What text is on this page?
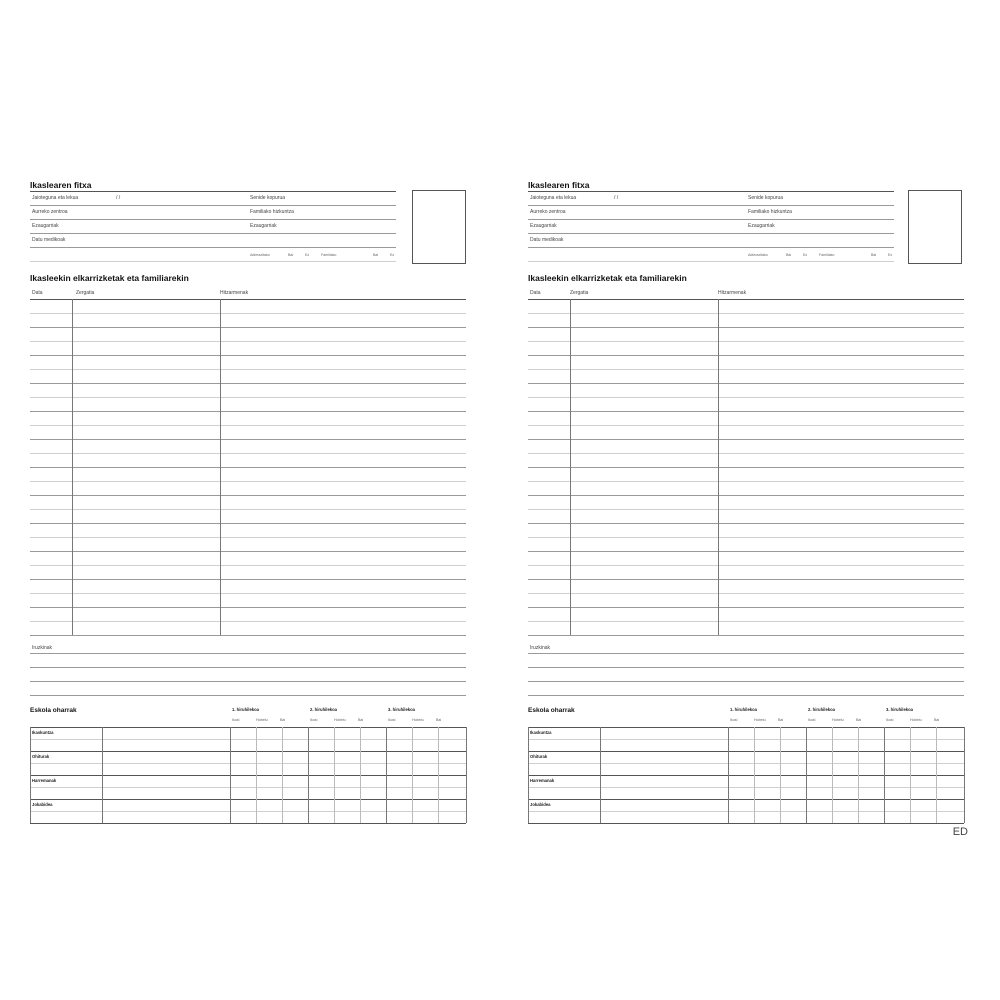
Ikaslearen fitxa
Jaioteguna eta lekua	/ /	Senide kopurua
Aurreko zentroa	Familiako hizkuntza
Ezaugarriak	Ezaugarriak
Datu medikoak
Adierazitako	Bai	Ez	Familiako	Bai	Ez
Ikasleekin elkarrizketak eta familiarekin
Data	Zergatia	Hitzarmenak
Iruzkinak
Eskola oharrak	1. hiruhilekoa	2. hiruhilekoa	3. hiruhilekoa
Ikusi	Hobetu	Bai	Ikusi	Hobetu	Bai	Ikusi	Hobetu	Bai
Ikaskuntza
Ohiturak
Harremanak
Jokabidea
Ikaslearen fitxa
Jaioteguna eta lekua	/ /	Senide kopurua
Aurreko zentroa	Familiako hizkuntza
Ezaugarriak	Ezaugarriak
Datu medikoak
Adierazitako	Bai	Ez	Familiako	Bai	Ez
Ikasleekin elkarrizketak eta familiarekin
Data	Zergatia	Hitzarmenak
Iruzkinak
Eskola oharrak	1. hiruhilekoa	2. hiruhilekoa	3. hiruhilekoa
Ikusi	Hobetu	Bai	Ikusi	Hobetu	Bai	Ikusi	Hobetu	Bai
Ikaskuntza
Ohiturak
Harremanak
Jokabidea
ED
